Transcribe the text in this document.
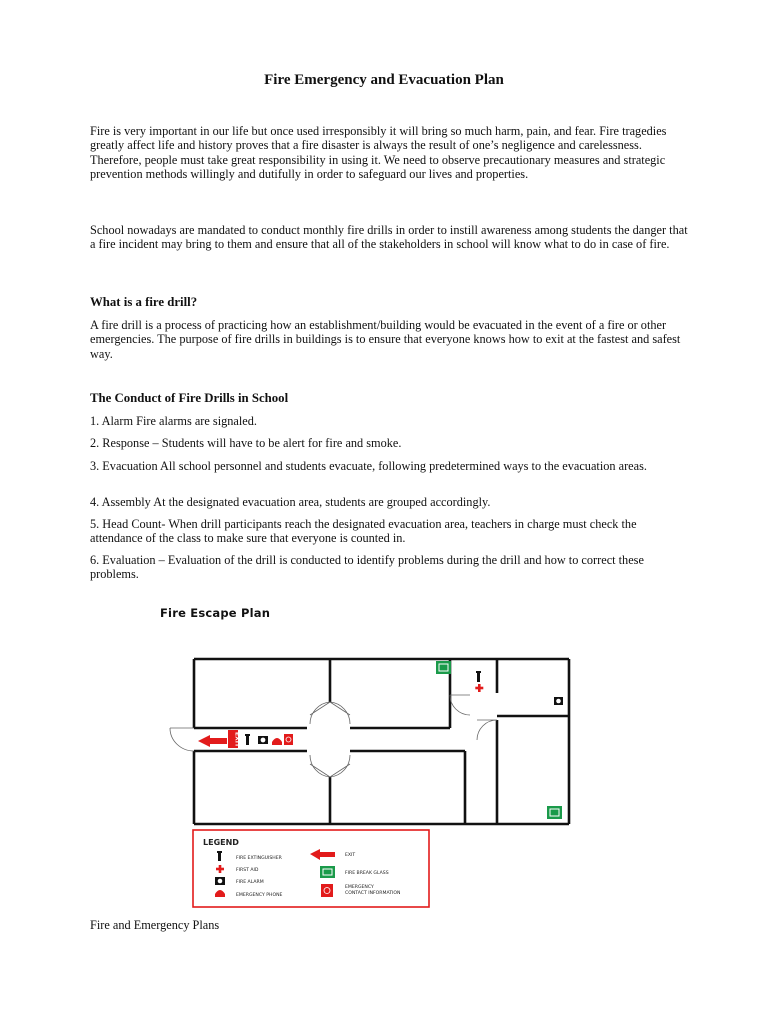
Fire Emergency and Evacuation Plan

Fire is very important in our life but once used irresponsibly it will bring so much harm, pain, and fear. Fire tragedies greatly affect life and history proves that a fire disaster is always the result of one’s negligence and carelessness. Therefore, people must take great responsibility in using it. We need to observe precautionary measures and strategic prevention methods willingly and dutifully in order to safeguard our lives and properties.

School nowadays are mandated to conduct monthly fire drills in order to instill awareness among students the danger that a fire incident may bring to them and ensure that all of the stakeholders in school will know what to do in case of fire.

What is a fire drill?

A fire drill is a process of practicing how an establishment/building would be evacuated in the event of a fire or other emergencies. The purpose of fire drills in buildings is to ensure that everyone knows how to exit at the fastest and safest way.

The Conduct of Fire Drills in School

1. Alarm Fire alarms are signaled.

2. Response – Students will have to be alert for fire and smoke.

3. Evacuation All school personnel and students evacuate, following predetermined ways to the evacuation areas.

4. Assembly At the designated evacuation area, students are grouped accordingly.

5. Head Count- When drill participants reach the designated evacuation area, teachers in charge must check the attendance of the class to make sure that everyone is counted in.

6. Evaluation – Evaluation of the drill is conducted to identify problems during the drill and how to correct these problems.

Fire Escape Plan
EXIT
LEGEND
FIRE EXTINGUISHER
FIRST AID
FIRE ALARM
EMERGENCY PHONE
EXIT
FIRE BREAK GLASS
EMERGENCY
CONTACT INFORMATION

Fire and Emergency Plans
